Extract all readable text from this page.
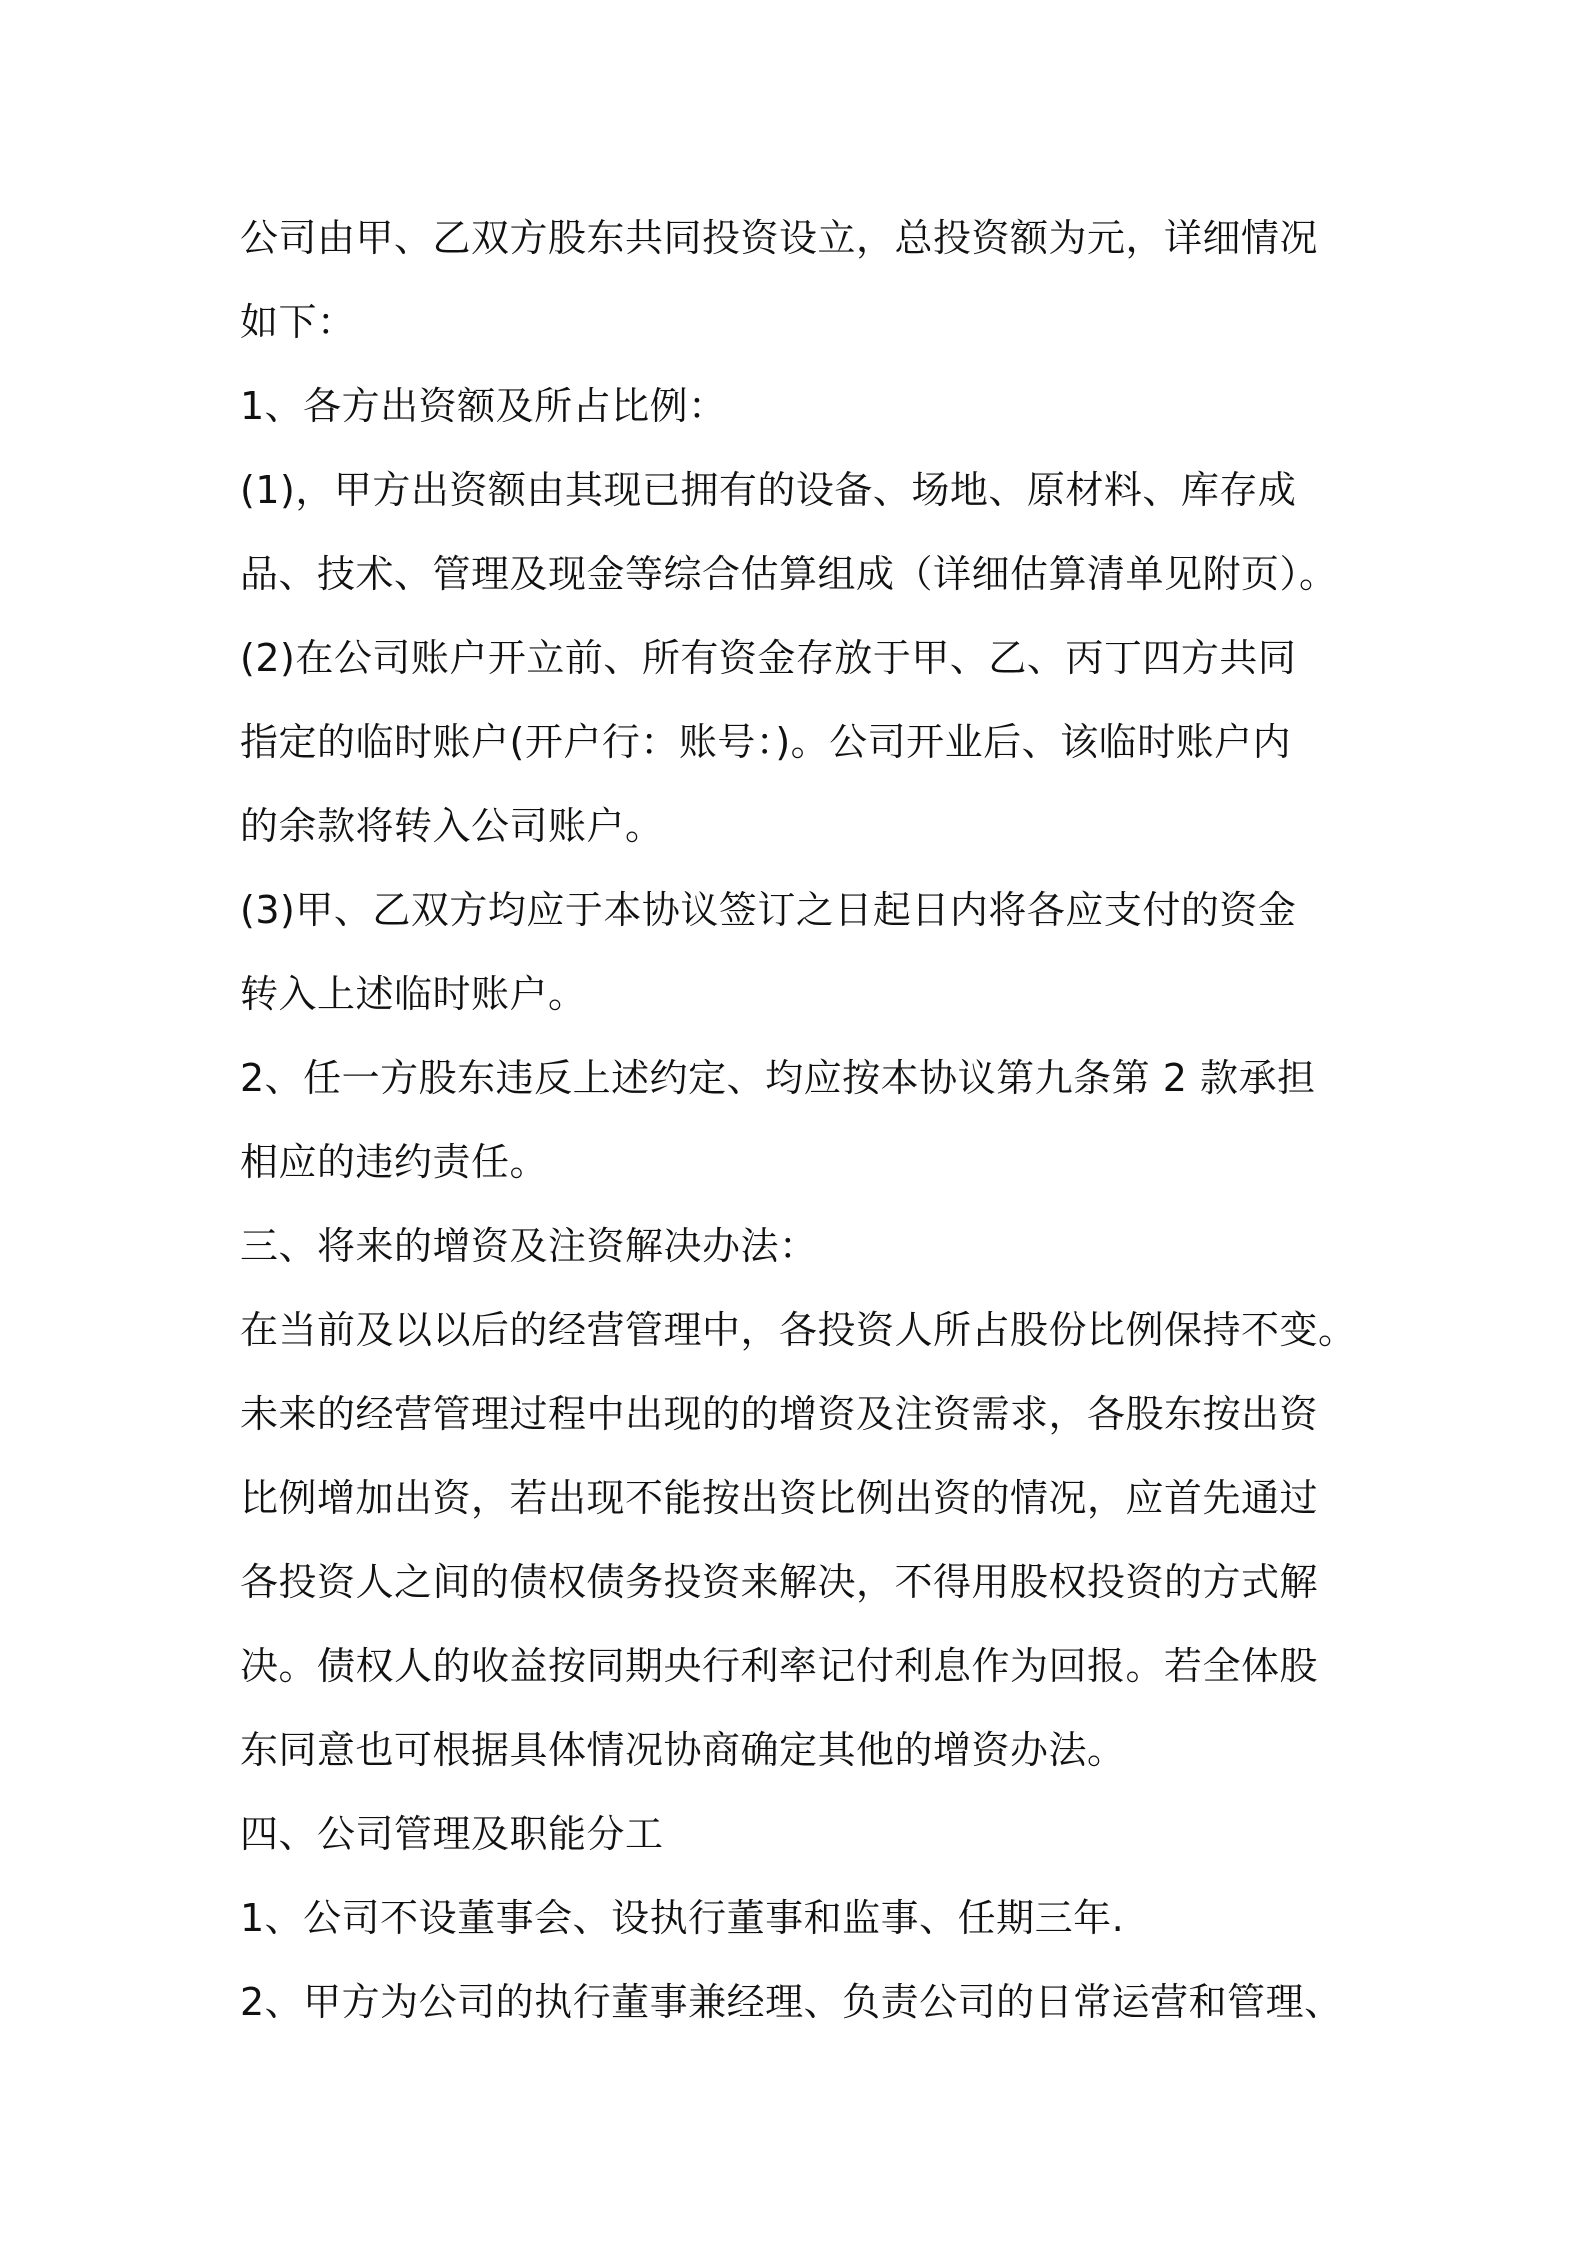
公司由甲、乙双方股东共同投资设立，总投资额为元，详细情况
如下：
1、各方出资额及所占比例：
(1)，甲方出资额由其现已拥有的设备、场地、原材料、库存成
品、技术、管理及现金等综合估算组成（详细估算清单见附页）。
(2)在公司账户开立前、所有资金存放于甲、乙、丙丁四方共同
指定的临时账户(开户行：账号：)。公司开业后、该临时账户内
的余款将转入公司账户。
(3)甲、乙双方均应于本协议签订之日起日内将各应支付的资金
转入上述临时账户。
2、任一方股东违反上述约定、均应按本协议第九条第 2 款承担
相应的违约责任。
三、将来的增资及注资解决办法：
在当前及以以后的经营管理中，各投资人所占股份比例保持不变。
未来的经营管理过程中出现的的增资及注资需求，各股东按出资
比例增加出资，若出现不能按出资比例出资的情况，应首先通过
各投资人之间的债权债务投资来解决，不得用股权投资的方式解
决。债权人的收益按同期央行利率记付利息作为回报。若全体股
东同意也可根据具体情况协商确定其他的增资办法。
四、公司管理及职能分工
1、公司不设董事会、设执行董事和监事、任期三年.
2、甲方为公司的执行董事兼经理、负责公司的日常运营和管理、
